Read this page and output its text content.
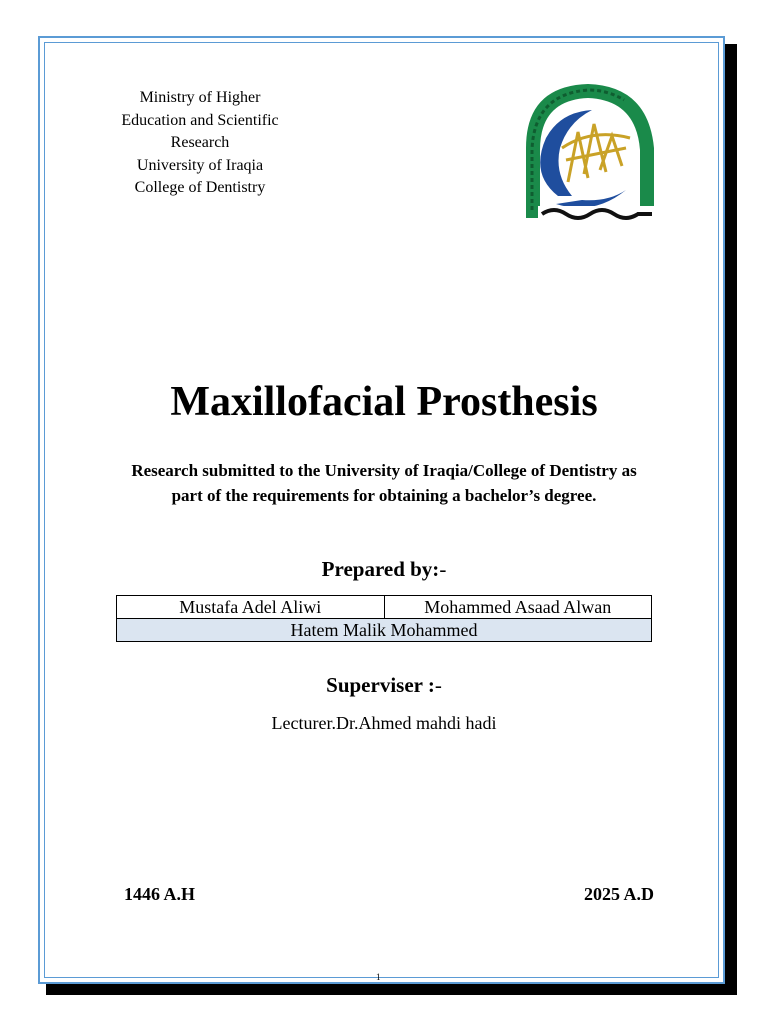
Ministry of Higher
Education and Scientific
Research
University of Iraqia
College of Dentistry
Maxillofacial Prosthesis
Research submitted to the University of Iraqia/College of Dentistry as part of the requirements for obtaining a bachelor’s degree.
Prepared by:-
Mustafa Adel Aliwi	Mohammed Asaad Alwan
Hatem Malik Mohammed
Superviser :-
Lecturer.Dr.Ahmed mahdi hadi
1446 A.H	2025 A.D
1
